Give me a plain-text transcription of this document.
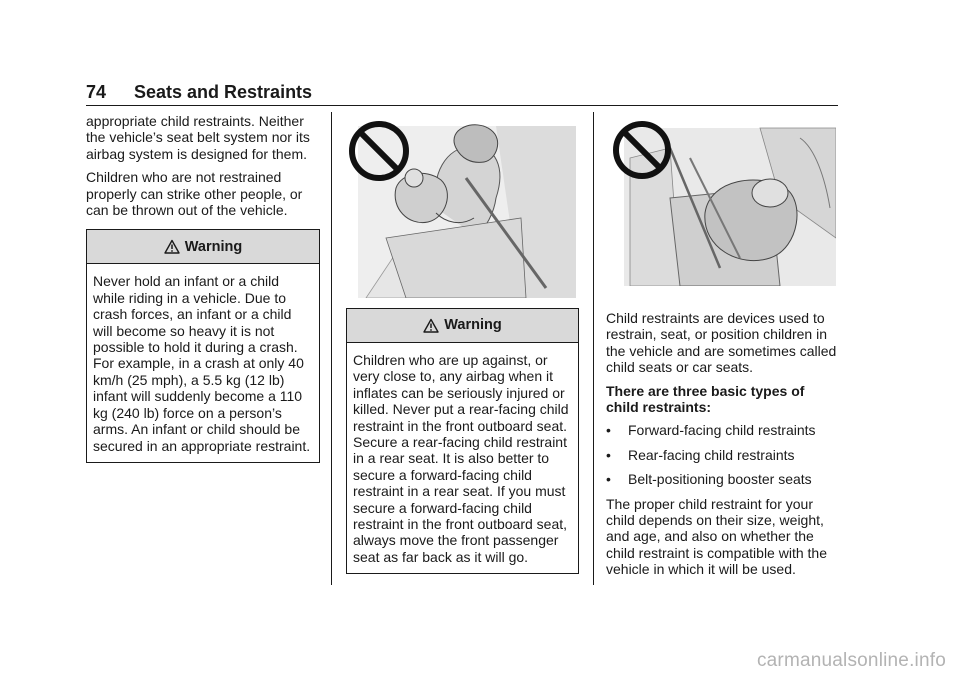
74 Seats and Restraints

appropriate child restraints. Neither the vehicle’s seat belt system nor its airbag system is designed for them.

Children who are not restrained properly can strike other people, or can be thrown out of the vehicle.

Warning
Never hold an infant or a child while riding in a vehicle. Due to crash forces, an infant or a child will become so heavy it is not possible to hold it during a crash. For example, in a crash at only 40 km/h (25 mph), a 5.5 kg (12 lb) infant will suddenly become a 110 kg (240 lb) force on a person’s arms. An infant or child should be secured in an appropriate restraint.
Warning
Children who are up against, or very close to, any airbag when it inflates can be seriously injured or killed. Never put a rear-facing child restraint in the front outboard seat. Secure a rear-facing child restraint in a rear seat. It is also better to secure a forward-facing child restraint in a rear seat. If you must secure a forward-facing child restraint in the front outboard seat, always move the front passenger seat as far back as it will go.

Child restraints are devices used to restrain, seat, or position children in the vehicle and are sometimes called child seats or car seats.

There are three basic types of child restraints:

• Forward-facing child restraints
• Rear-facing child restraints
• Belt-positioning booster seats

The proper child restraint for your child depends on their size, weight, and age, and also on whether the child restraint is compatible with the vehicle in which it will be used.

carmanualsonline.info
